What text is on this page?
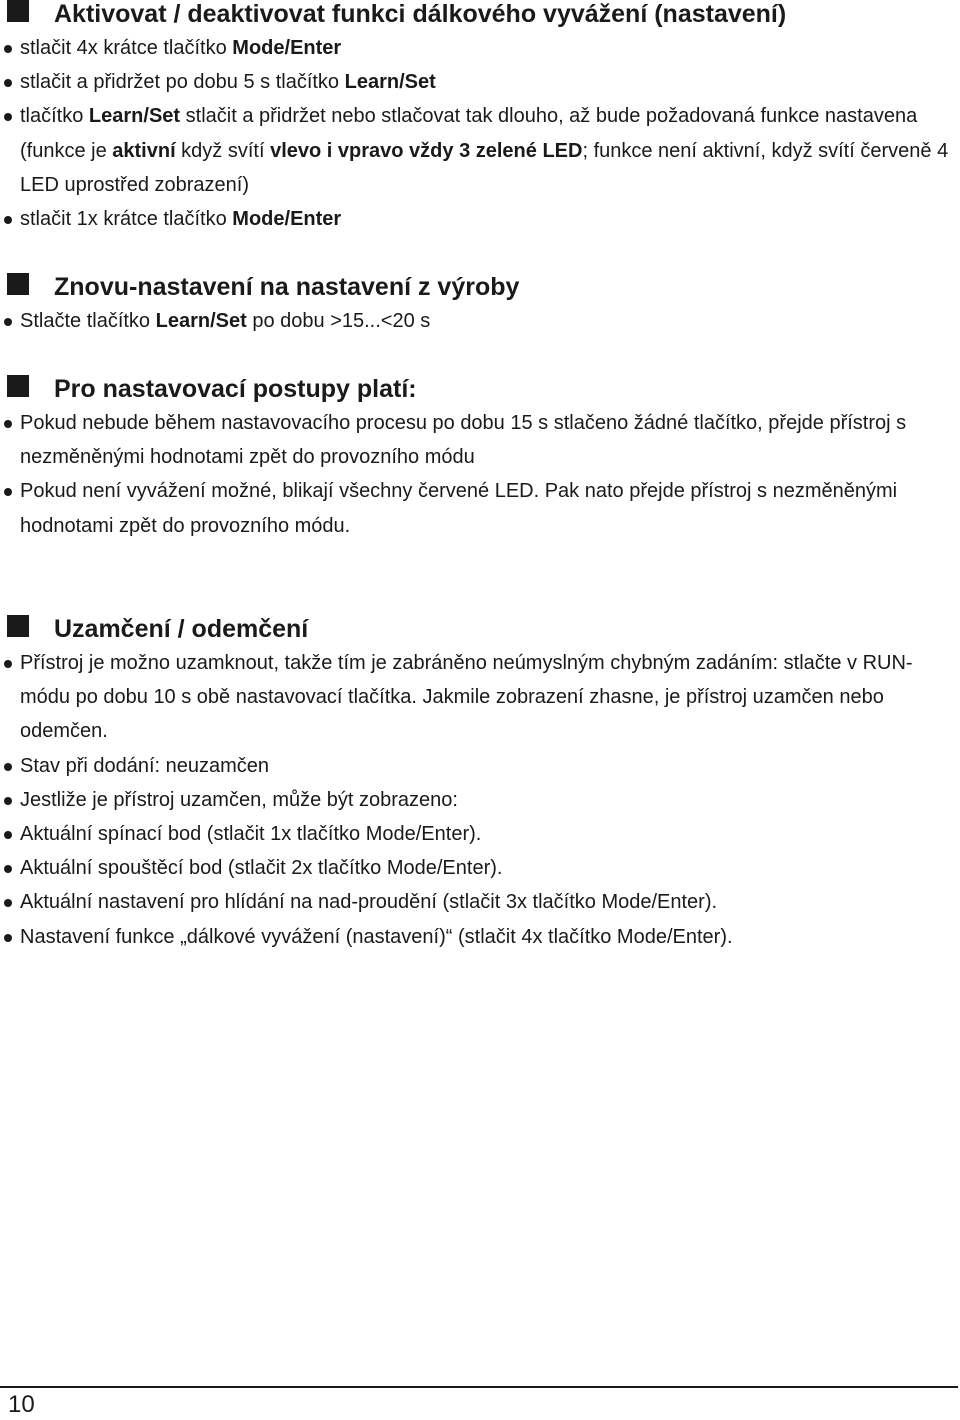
Aktivovat / deaktivovat funkci dálkového vyvážení (nastavení)
stlačit 4x krátce tlačítko Mode/Enter
stlačit a přidržet po dobu 5 s tlačítko Learn/Set
tlačítko Learn/Set stlačit a přidržet nebo stlačovat tak dlouho, až bude požadovaná funkce nastavena (funkce je aktivní když svítí vlevo i vpravo vždy 3 zelené LED; funkce není aktivní, když svítí červeně 4 LED uprostřed zobrazení)
stlačit 1x krátce tlačítko Mode/Enter
Znovu-nastavení na nastavení z výroby
Stlačte tlačítko Learn/Set po dobu >15...<20 s
Pro nastavovací postupy platí:
Pokud nebude během nastavovacího procesu po dobu 15 s stlačeno žádné tlačítko, přejde přístroj s nezměněnými hodnotami zpět do provozního módu
Pokud není vyvážení možné, blikají všechny červené LED. Pak nato přejde přístroj s nezměněnými hodnotami zpět do provozního módu.
Uzamčení / odemčení
Přístroj je možno uzamknout, takže tím je zabráněno neúmyslným chybným zadáním: stlačte v RUN-módu po dobu 10 s obě nastavovací tlačítka. Jakmile zobrazení zhasne, je přístroj uzamčen nebo odemčen.
Stav při dodání: neuzamčen
Jestliže je přístroj uzamčen, může být zobrazeno:
Aktuální spínací bod (stlačit 1x tlačítko Mode/Enter).
Aktuální spouštěcí bod (stlačit 2x tlačítko Mode/Enter).
Aktuální nastavení pro hlídání na nad-proudění (stlačit 3x tlačítko Mode/Enter).
Nastavení funkce „dálkové vyvážení (nastavení)“ (stlačit 4x tlačítko Mode/Enter).
10
